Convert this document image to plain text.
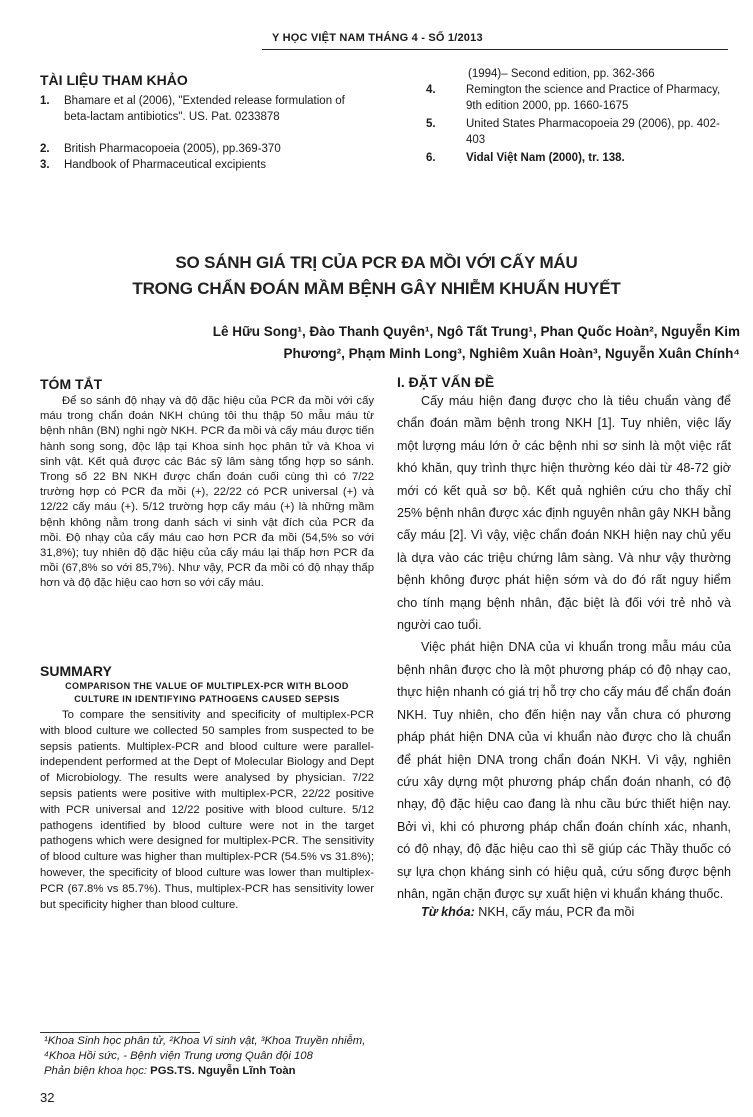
Y HỌC VIỆT NAM THÁNG 4 - SỐ 1/2013
TÀI LIỆU THAM KHẢO
1. Bhamare et al (2006), "Extended release formulation of beta-lactam antibiotics". US. Pat. 0233878
2. British Pharmacopoeia (2005), pp.369-370
3. Handbook of Pharmaceutical excipients
(1994)– Second edition, pp. 362-366
4.	Remington the science and Practice of Pharmacy, 9th edition 2000, pp. 1660-1675
5.	United States Pharmacopoeia 29 (2006), pp. 402-403
6.	Vidal Việt Nam (2000), tr. 138.
SO SÁNH GIÁ TRỊ CỦA PCR ĐA MỒI VỚI CẤY MÁU
TRONG CHẨN ĐOÁN MẦM BỆNH GÂY NHIỄM KHUẨN HUYẾT
Lê Hữu Song¹, Đào Thanh Quyên¹, Ngô Tất Trung¹, Phan Quốc Hoàn², Nguyễn Kim
Phương², Phạm Minh Long³, Nghiêm Xuân Hoàn³, Nguyễn Xuân Chính⁴
TÓM TẮT
Để so sánh độ nhạy và độ đặc hiệu của PCR đa mồi với cấy máu trong chẩn đoán NKH chúng tôi thu thập 50 mẫu máu từ bệnh nhân (BN) nghi ngờ NKH. PCR đa mồi và cấy máu được tiến hành song song, độc lập tại Khoa sinh học phân tử và Khoa vi sinh vật. Kết quả được các Bác sỹ lâm sàng tổng hợp so sánh. Trong số 22 BN NKH được chẩn đoán cuối cùng thì có 7/22 trường hợp có PCR đa mồi (+), 22/22 có PCR universal (+) và 12/22 cấy máu (+). 5/12 trường hợp cấy máu (+) là những mầm bệnh không nằm trong danh sách vi sinh vật đích của PCR đa mồi. Độ nhạy của cấy máu cao hơn PCR đa mồi (54,5% so với 31,8%); tuy nhiên độ đặc hiệu của cấy máu lại thấp hơn PCR đa mồi (67,8% so với 85,7%). Như vậy, PCR đa mồi có độ nhạy thấp hơn và độ đặc hiệu cao hơn so với cấy máu.
SUMMARY
COMPARISON THE VALUE OF MULTIPLEX-PCR WITH BLOOD CULTURE IN IDENTIFYING PATHOGENS CAUSED SEPSIS
To compare the sensitivity and specificity of multiplex-PCR with blood culture we collected 50 samples from suspected to be sepsis patients. Multiplex-PCR and blood culture were parallel-independent performed at the Dept of Molecular Biology and Dept of Microbiology. The results were analysed by physician. 7/22 sepsis patients were positive with multiplex-PCR, 22/22 positive with PCR universal and 12/22 positive with blood culture. 5/12 pathogens identified by blood culture were not in the target pathogens which were designed for multiplex-PCR. The sensitivity of blood culture was higher than multiplex-PCR (54.5% vs 31.8%); however, the specificity of blood culture was lower than multiplex-PCR (67.8% vs 85.7%). Thus, multiplex-PCR has sensitivity lower but specificity higher than blood culture.
I. ĐẶT VẤN ĐỀ
Cấy máu hiện đang được cho là tiêu chuẩn vàng để chẩn đoán mầm bệnh trong NKH [1]. Tuy nhiên, việc lấy một lượng máu lớn ở các bệnh nhi sơ sinh là một việc rất khó khăn, quy trình thực hiện thường kéo dài từ 48-72 giờ mới có kết quả sơ bộ. Kết quả nghiên cứu cho thấy chỉ 25% bệnh nhân được xác định nguyên nhân gây NKH bằng cấy máu [2]. Vì vậy, việc chẩn đoán NKH hiện nay chủ yếu là dựa vào các triệu chứng lâm sàng. Và như vậy thường bệnh không được phát hiện sớm và do đó rất nguy hiểm cho tính mạng bệnh nhân, đặc biệt là đối với trẻ nhỏ và người cao tuổi.
Việc phát hiện DNA của vi khuẩn trong mẫu máu của bệnh nhân được cho là một phương pháp có độ nhạy cao, thực hiện nhanh có giá trị hỗ trợ cho cấy máu để chẩn đoán NKH. Tuy nhiên, cho đến hiện nay vẫn chưa có phương pháp phát hiện DNA của vi khuẩn nào được cho là chuẩn để phát hiện DNA trong chẩn đoán NKH. Vì vậy, nghiên cứu xây dựng một phương pháp chẩn đoán nhanh, có độ nhạy, độ đặc hiệu cao đang là nhu cầu bức thiết hiện nay. Bởi vì, khi có phương pháp chẩn đoán chính xác, nhanh, có độ nhạy, độ đặc hiệu cao thì sẽ giúp các Thầy thuốc có sự lựa chọn kháng sinh có hiệu quả, cứu sống được bệnh nhân, ngăn chặn được sự xuất hiện vi khuẩn kháng thuốc.
Từ khóa: NKH, cấy máu, PCR đa mồi
¹Khoa Sinh học phân tử, ²Khoa Vi sinh vật, ³Khoa Truyền nhiễm,
⁴Khoa Hồi sức, - Bệnh viện Trung ương Quân đội 108
Phản biện khoa học: PGS.TS. Nguyễn Lĩnh Toàn
32
